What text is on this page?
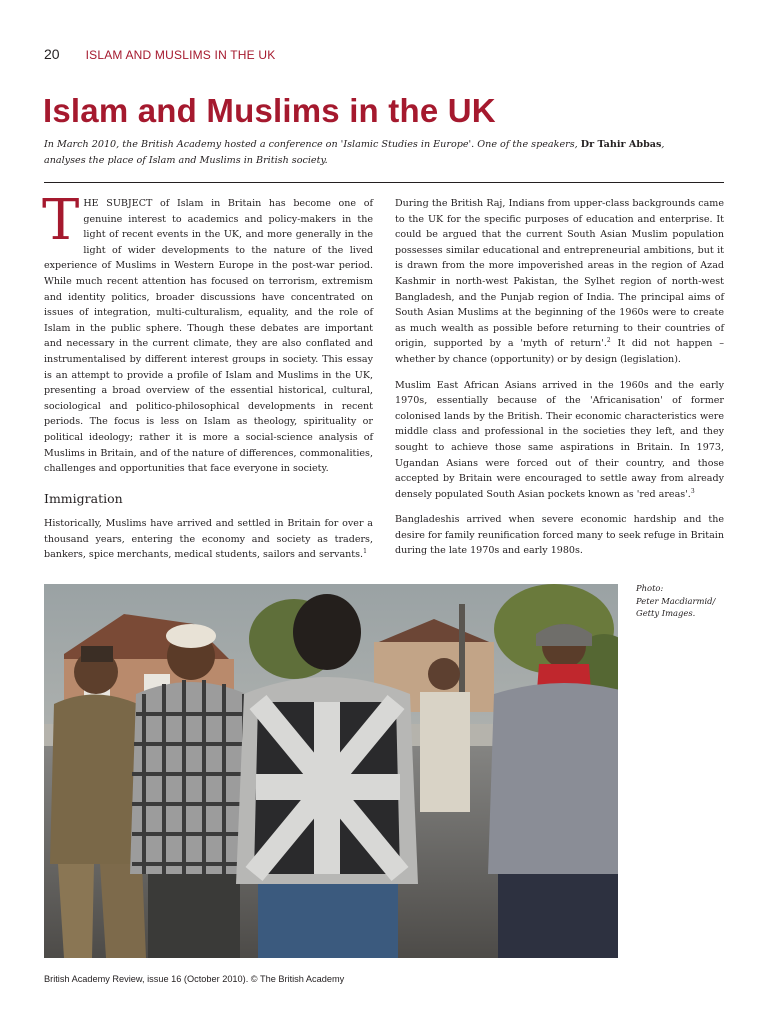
20 ISLAM AND MUSLIMS IN THE UK
Islam and Muslims in the UK

In March 2010, the British Academy hosted a conference on 'Islamic Studies in Europe'. One of the speakers, Dr Tahir Abbas, analyses the place of Islam and Muslims in British society.

THE SUBJECT of Islam in Britain has become one of genuine interest to academics and policy-makers in the light of recent events in the UK, and more generally in the light of wider developments to the nature of the lived experience of Muslims in Western Europe in the post-war period. While much recent attention has focused on terrorism, extremism and identity politics, broader discussions have concentrated on issues of integration, multi-culturalism, equality, and the role of Islam in the public sphere. Though these debates are important and necessary in the current climate, they are also conflated and instrumentalised by different interest groups in society. This essay is an attempt to provide a profile of Islam and Muslims in the UK, presenting a broad overview of the essential historical, cultural, sociological and politico-philosophical developments in recent periods. The focus is less on Islam as theology, spirituality or political ideology; rather it is more a social-science analysis of Muslims in Britain, and of the nature of differences, commonalities, challenges and opportunities that face everyone in society.

Immigration

Historically, Muslims have arrived and settled in Britain for over a thousand years, entering the economy and society as traders, bankers, spice merchants, medical students, sailors and servants.$^1$

During the British Raj, Indians from upper-class backgrounds came to the UK for the specific purposes of education and enterprise. It could be argued that the current South Asian Muslim population possesses similar educational and entrepreneurial ambitions, but it is drawn from the more impoverished areas in the region of Azad Kashmir in north-west Pakistan, the Sylhet region of north-west Bangladesh, and the Punjab region of India. The principal aims of South Asian Muslims at the beginning of the 1960s were to create as much wealth as possible before returning to their countries of origin, supported by a 'myth of return'.$^2$ It did not happen – whether by chance (opportunity) or by design (legislation).

Muslim East African Asians arrived in the 1960s and the early 1970s, essentially because of the 'Africanisation' of former colonised lands by the British. Their economic characteristics were middle class and professional in the societies they left, and they sought to achieve those same aspirations in Britain. In 1973, Ugandan Asians were forced out of their country, and those accepted by Britain were encouraged to settle away from already densely populated South Asian pockets known as 'red areas'.$^3$

Bangladeshis arrived when severe economic hardship and the desire for family reunification forced many to seek refuge in Britain during the late 1970s and early 1980s.

Photo:
Peter Macdiarmid/
Getty Images.
British Academy Review, issue 16 (October 2010). © The British Academy
